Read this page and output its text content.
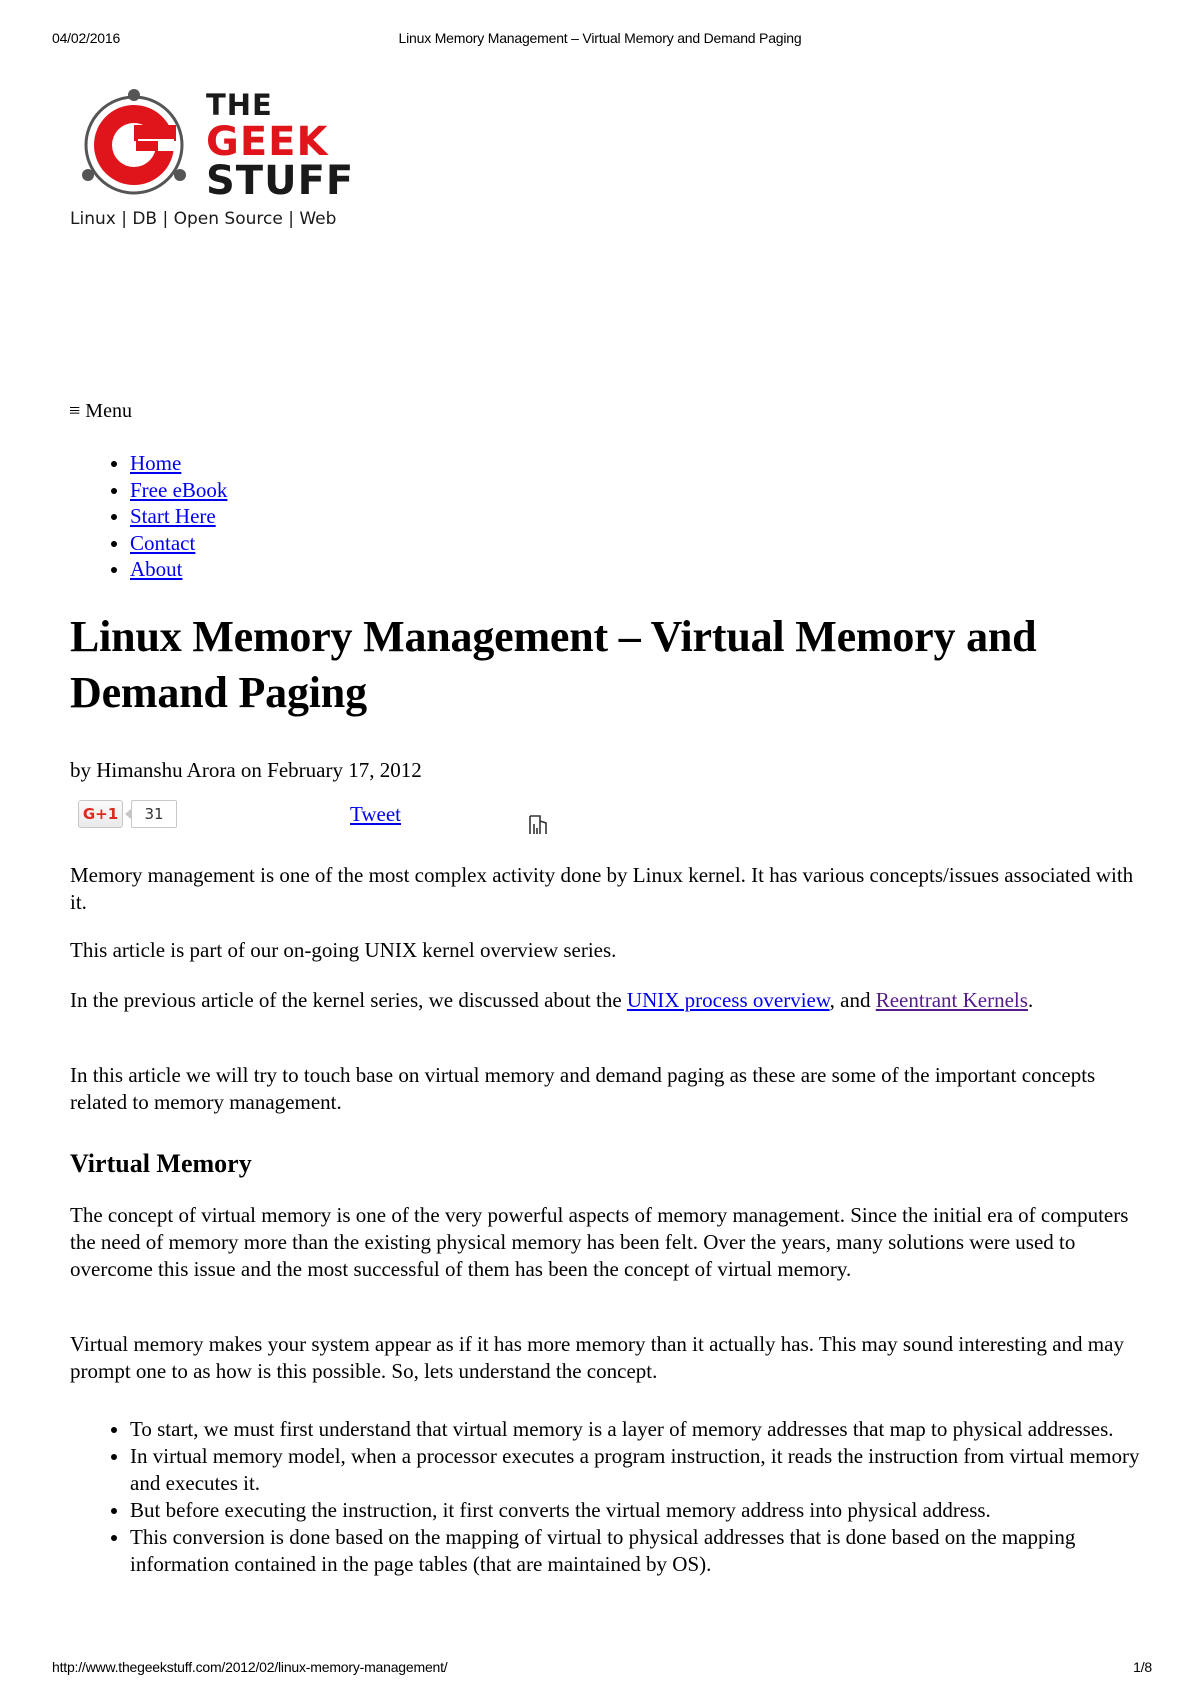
04/02/2016	Linux Memory Management – Virtual Memory and Demand Paging
THE
GEEK
STUFF
Linux | DB | Open Source | Web
≡ Menu
• Home
• Free eBook
• Start Here
• Contact
• About
Linux Memory Management – Virtual Memory and Demand Paging
by Himanshu Arora on February 17, 2012
G+1	31	Tweet

Memory management is one of the most complex activity done by Linux kernel. It has various concepts/issues associated with it.

This article is part of our on-going UNIX kernel overview series.

In the previous article of the kernel series, we discussed about the UNIX process overview, and Reentrant Kernels.

In this article we will try to touch base on virtual memory and demand paging as these are some of the important concepts related to memory management.

Virtual Memory

The concept of virtual memory is one of the very powerful aspects of memory management. Since the initial era of computers the need of memory more than the existing physical memory has been felt. Over the years, many solutions were used to overcome this issue and the most successful of them has been the concept of virtual memory.

Virtual memory makes your system appear as if it has more memory than it actually has. This may sound interesting and may prompt one to as how is this possible. So, lets understand the concept.

• To start, we must first understand that virtual memory is a layer of memory addresses that map to physical addresses.
• In virtual memory model, when a processor executes a program instruction, it reads the instruction from virtual memory and executes it.
• But before executing the instruction, it first converts the virtual memory address into physical address.
• This conversion is done based on the mapping of virtual to physical addresses that is done based on the mapping information contained in the page tables (that are maintained by OS).
http://www.thegeekstuff.com/2012/02/linux-memory-management/	1/8
